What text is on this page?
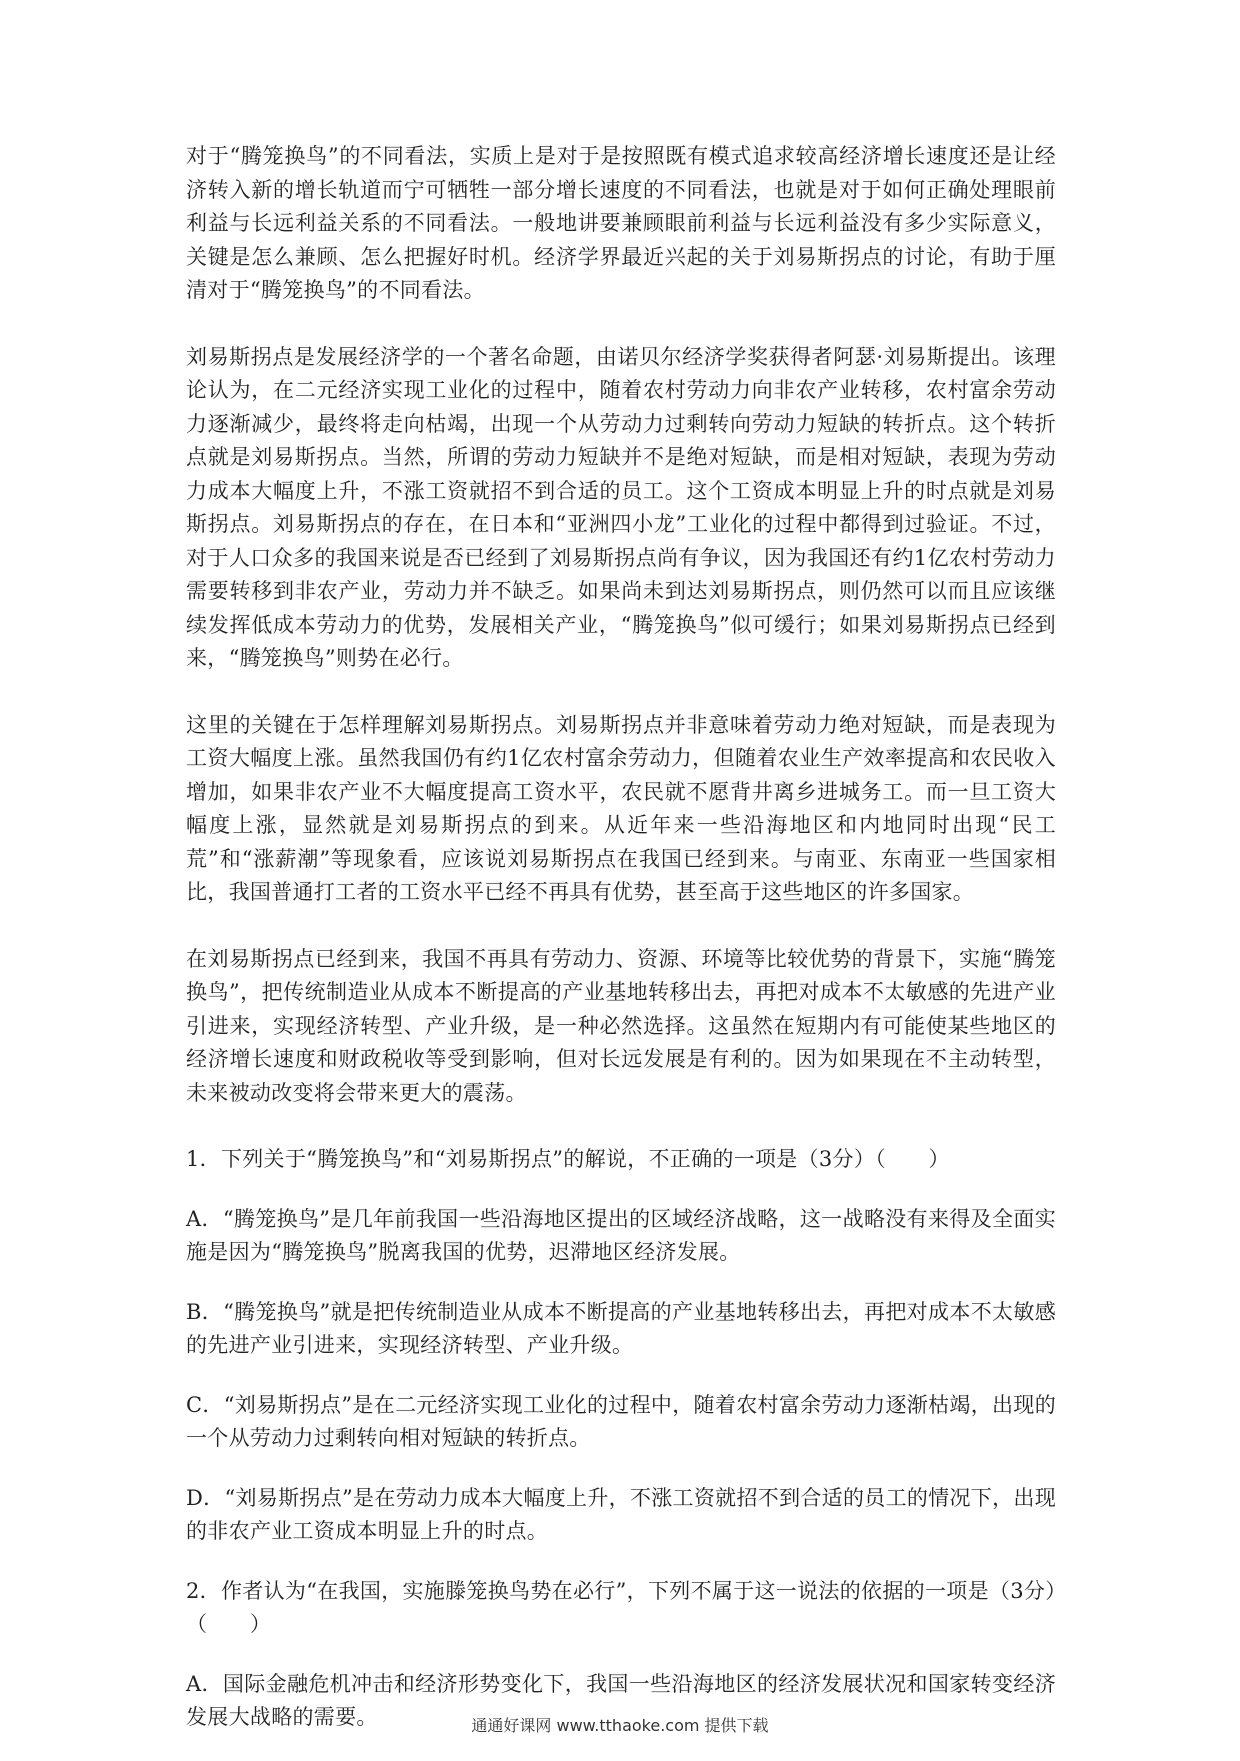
对于“腾笼换鸟”的不同看法，实质上是对于是按照既有模式追求较高经济增长速度还是让经济转入新的增长轨道而宁可牺牲一部分增长速度的不同看法，也就是对于如何正确处理眼前利益与长远利益关系的不同看法。一般地讲要兼顾眼前利益与长远利益没有多少实际意义，关键是怎么兼顾、怎么把握好时机。经济学界最近兴起的关于刘易斯拐点的讨论，有助于厘清对于“腾笼换鸟”的不同看法。

刘易斯拐点是发展经济学的一个著名命题，由诺贝尔经济学奖获得者阿瑟·刘易斯提出。该理论认为，在二元经济实现工业化的过程中，随着农村劳动力向非农产业转移，农村富余劳动力逐渐减少，最终将走向枯竭，出现一个从劳动力过剩转向劳动力短缺的转折点。这个转折点就是刘易斯拐点。当然，所谓的劳动力短缺并不是绝对短缺，而是相对短缺，表现为劳动力成本大幅度上升，不涨工资就招不到合适的员工。这个工资成本明显上升的时点就是刘易斯拐点。刘易斯拐点的存在，在日本和“亚洲四小龙”工业化的过程中都得到过验证。不过，对于人口众多的我国来说是否已经到了刘易斯拐点尚有争议，因为我国还有约1亿农村劳动力需要转移到非农产业，劳动力并不缺乏。如果尚未到达刘易斯拐点，则仍然可以而且应该继续发挥低成本劳动力的优势，发展相关产业，“腾笼换鸟”似可缓行；如果刘易斯拐点已经到来，“腾笼换鸟”则势在必行。

这里的关键在于怎样理解刘易斯拐点。刘易斯拐点并非意味着劳动力绝对短缺，而是表现为工资大幅度上涨。虽然我国仍有约1亿农村富余劳动力，但随着农业生产效率提高和农民收入增加，如果非农产业不大幅度提高工资水平，农民就不愿背井离乡进城务工。而一旦工资大幅度上涨，显然就是刘易斯拐点的到来。从近年来一些沿海地区和内地同时出现“民工荒”和“涨薪潮”等现象看，应该说刘易斯拐点在我国已经到来。与南亚、东南亚一些国家相比，我国普通打工者的工资水平已经不再具有优势，甚至高于这些地区的许多国家。

在刘易斯拐点已经到来，我国不再具有劳动力、资源、环境等比较优势的背景下，实施“腾笼换鸟”，把传统制造业从成本不断提高的产业基地转移出去，再把对成本不太敏感的先进产业引进来，实现经济转型、产业升级，是一种必然选择。这虽然在短期内有可能使某些地区的经济增长速度和财政税收等受到影响，但对长远发展是有利的。因为如果现在不主动转型，未来被动改变将会带来更大的震荡。

1．下列关于“腾笼换鸟”和“刘易斯拐点”的解说，不正确的一项是（3分）（　　）

A．“腾笼换鸟”是几年前我国一些沿海地区提出的区域经济战略，这一战略没有来得及全面实施是因为“腾笼换鸟”脱离我国的优势，迟滞地区经济发展。

B．“腾笼换鸟”就是把传统制造业从成本不断提高的产业基地转移出去，再把对成本不太敏感的先进产业引进来，实现经济转型、产业升级。

C．“刘易斯拐点”是在二元经济实现工业化的过程中，随着农村富余劳动力逐渐枯竭，出现的一个从劳动力过剩转向相对短缺的转折点。

D．“刘易斯拐点”是在劳动力成本大幅度上升，不涨工资就招不到合适的员工的情况下，出现的非农产业工资成本明显上升的时点。

2．作者认为“在我国，实施滕笼换鸟势在必行”，下列不属于这一说法的依据的一项是（3分）（　　）

A．国际金融危机冲击和经济形势变化下，我国一些沿海地区的经济发展状况和国家转变经济发展大战略的需要。	通通好课网 www.tthaoke.com 提供下载
